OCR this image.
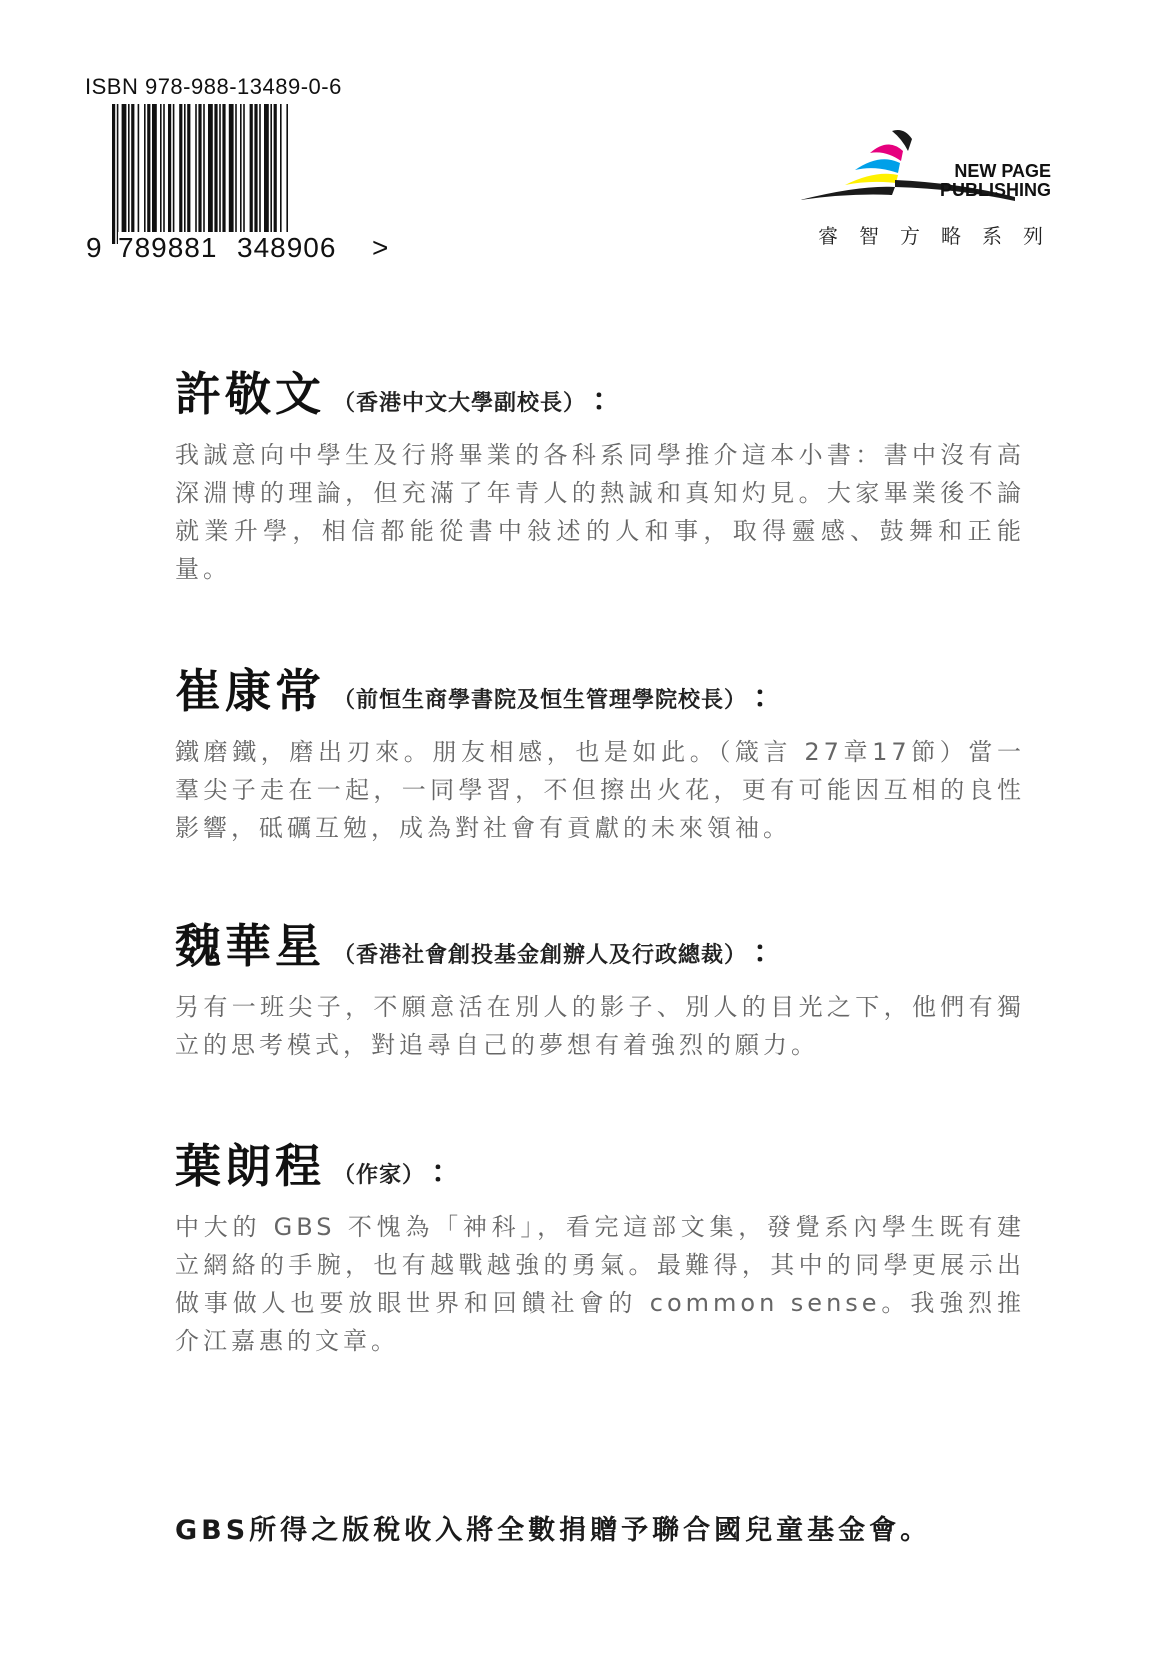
ISBN 978-988-13489-0-6
9 789881 348906 >
NEW PAGE
PUBLISHING
睿智方略系列
許敬文 （香港中文大學副校長） ：
我誠意向中學生及行將畢業的各科系同學推介這本小書：書中沒有高深淵博的理論，但充滿了年青人的熱誠和真知灼見。大家畢業後不論就業升學，相信都能從書中敍述的人和事，取得靈感、鼓舞和正能量。
崔康常 （前恒生商學書院及恒生管理學院校長） ：
鐵磨鐵，磨出刃來。朋友相感，也是如此。（箴言 27章17節）當一羣尖子走在一起，一同學習，不但擦出火花，更有可能因互相的良性影響，砥礪互勉，成為對社會有貢獻的未來領袖。
魏華星 （香港社會創投基金創辦人及行政總裁） ：
另有一班尖子，不願意活在別人的影子、別人的目光之下，他們有獨立的思考模式，對追尋自己的夢想有着強烈的願力。
葉朗程 （作家） ：
中大的 GBS 不愧為「神科」，看完這部文集，發覺系內學生既有建立網絡的手腕，也有越戰越強的勇氣。最難得，其中的同學更展示出做事做人也要放眼世界和回饋社會的 common sense。我強烈推介江嘉惠的文章。
GBS所得之版稅收入將全數捐贈予聯合國兒童基金會。
